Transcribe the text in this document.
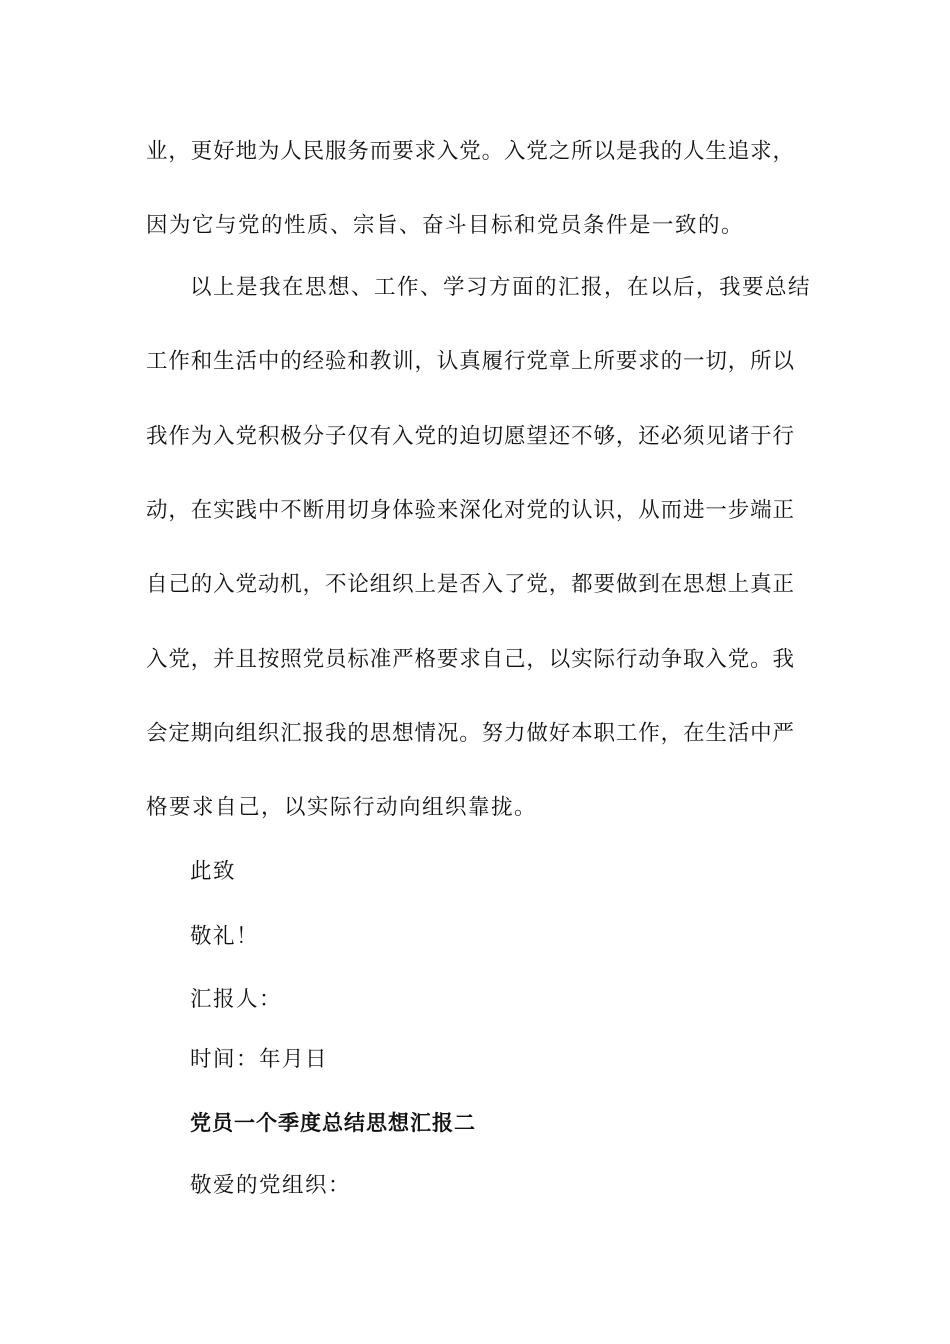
业，更好地为人民服务而要求入党。入党之所以是我的人生追求，
因为它与党的性质、宗旨、奋斗目标和党员条件是一致的。
以上是我在思想、工作、学习方面的汇报，在以后，我要总结
工作和生活中的经验和教训，认真履行党章上所要求的一切，所以
我作为入党积极分子仅有入党的迫切愿望还不够，还必须见诸于行
动，在实践中不断用切身体验来深化对党的认识，从而进一步端正
自己的入党动机，不论组织上是否入了党，都要做到在思想上真正
入党，并且按照党员标准严格要求自己，以实际行动争取入党。我
会定期向组织汇报我的思想情况。努力做好本职工作，在生活中严
格要求自己，以实际行动向组织靠拢。
此致
敬礼！
汇报人：
时间：年月日
党员一个季度总结思想汇报二
敬爱的党组织：
